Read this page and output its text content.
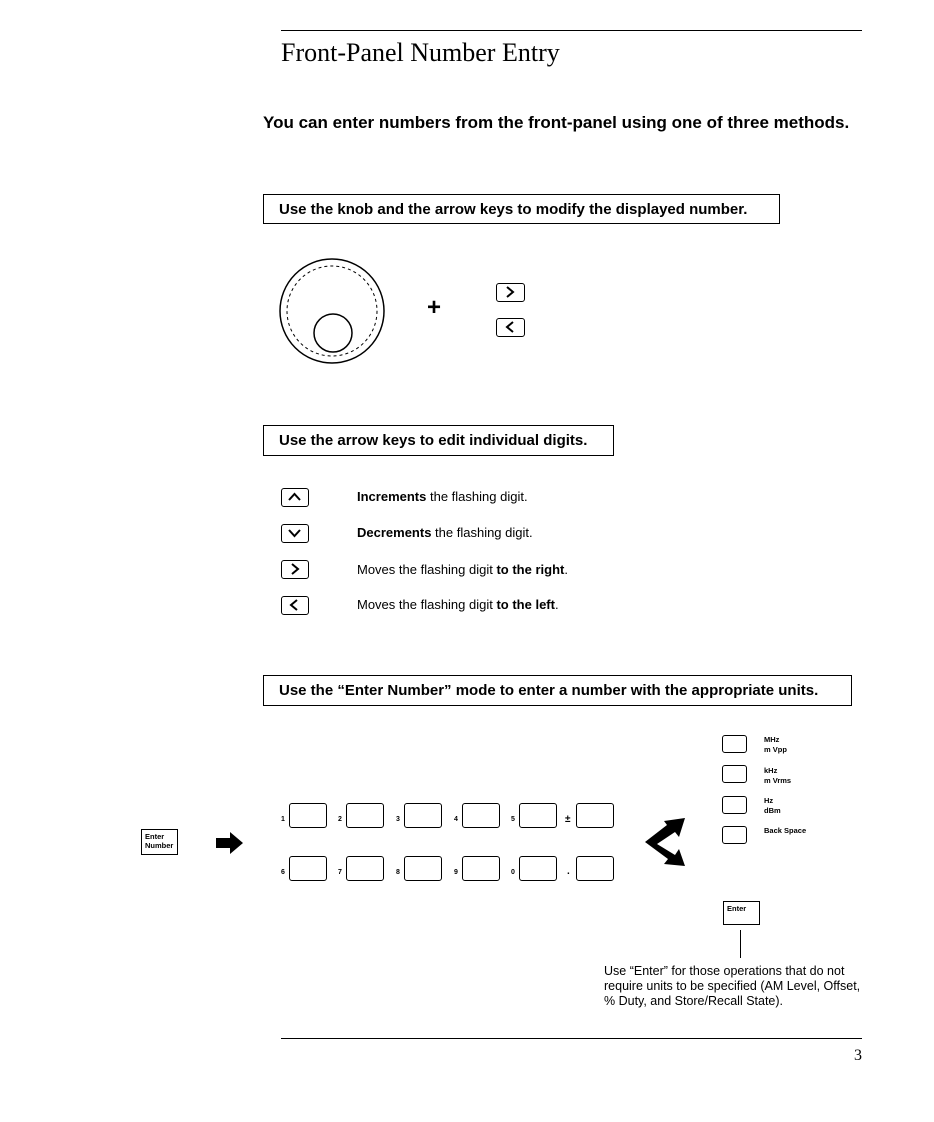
Front-Panel Number Entry
You can enter numbers from the front-panel using one of three methods.
Use the knob and the arrow keys to modify the displayed number.
+
Use the arrow keys to edit individual digits.
Increments the flashing digit.
Decrements the flashing digit.
Moves the flashing digit to the right.
Moves the flashing digit to the left.
Use the “Enter Number” mode to enter a number with the appropriate units.
Enter
Number
1	2	3	4	5	±
6	7	8	9	0	.
MHz
m Vpp
kHz
m Vrms
Hz
dBm
Back Space
Enter
Use “Enter” for those operations that do not require units to be specified (AM Level, Offset, % Duty, and Store/Recall State).
3
